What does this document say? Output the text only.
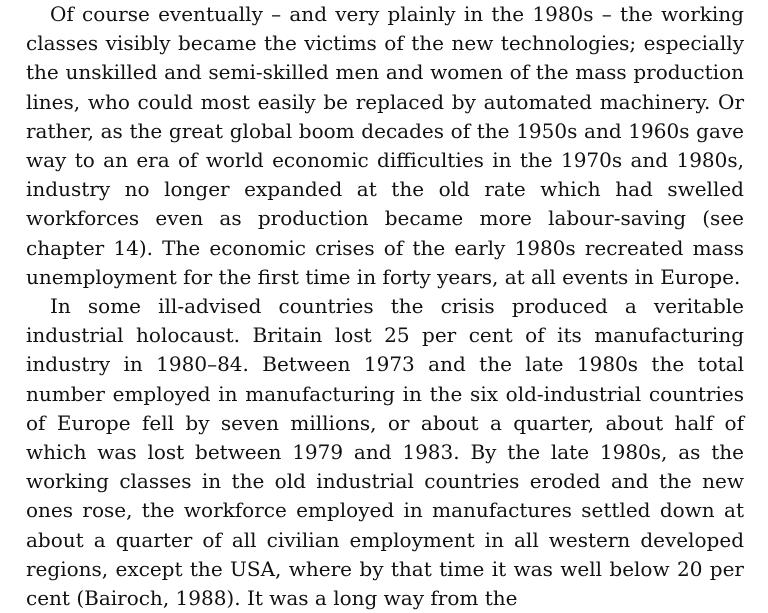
Of course eventually – and very plainly in the 1980s – the working classes visibly became the victims of the new technologies; especially the unskilled and semi-skilled men and women of the mass production lines, who could most easily be replaced by automated machinery. Or rather, as the great global boom decades of the 1950s and 1960s gave way to an era of world economic difficulties in the 1970s and 1980s, industry no longer expanded at the old rate which had swelled workforces even as production became more labour-saving (see chapter 14). The economic crises of the early 1980s recreated mass unemployment for the first time in forty years, at all events in Europe.

In some ill-advised countries the crisis produced a veritable industrial holocaust. Britain lost 25 per cent of its manufacturing industry in 1980–84. Between 1973 and the late 1980s the total number employed in manufacturing in the six old-industrial countries of Europe fell by seven millions, or about a quarter, about half of which was lost between 1979 and 1983. By the late 1980s, as the working classes in the old industrial countries eroded and the new ones rose, the workforce employed in manufactures settled down at about a quarter of all civilian employment in all western developed regions, except the USA, where by that time it was well below 20 per cent (Bairoch, 1988). It was a long way from the
